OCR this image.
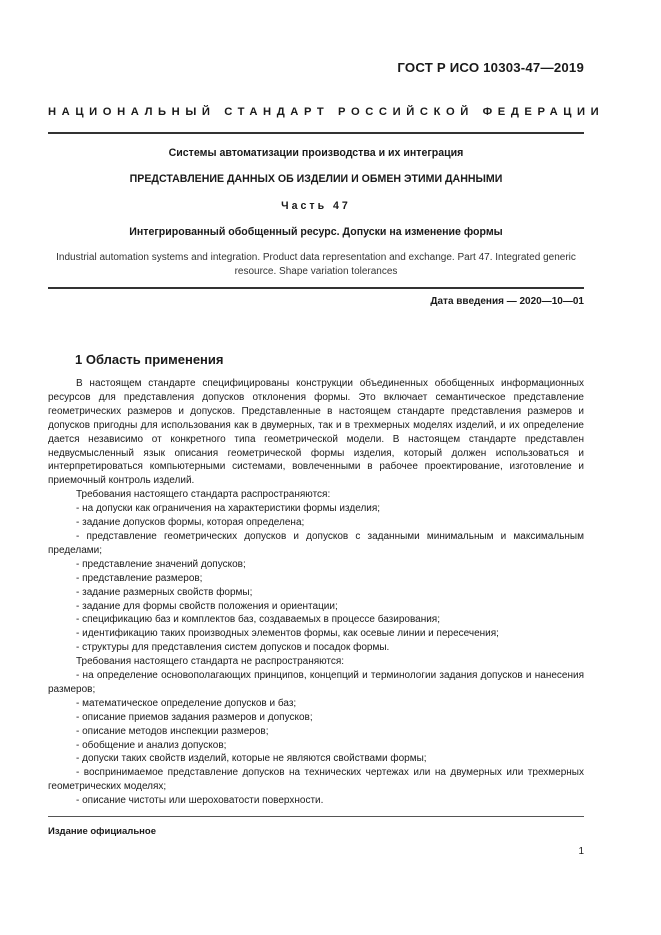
ГОСТ Р ИСО 10303-47—2019
НАЦИОНАЛЬНЫЙ СТАНДАРТ РОССИЙСКОЙ ФЕДЕРАЦИИ
Системы автоматизации производства и их интеграция
ПРЕДСТАВЛЕНИЕ ДАННЫХ ОБ ИЗДЕЛИИ И ОБМЕН ЭТИМИ ДАННЫМИ
Часть 47
Интегрированный обобщенный ресурс. Допуски на изменение формы
Industrial automation systems and integration. Product data representation and exchange. Part 47. Integrated generic
resource. Shape variation tolerances
Дата введения — 2020—10—01
1 Область применения
В настоящем стандарте специфицированы конструкции объединенных обобщенных информационных ресурсов для представления допусков отклонения формы. Это включает семантическое представление геометрических размеров и допусков. Представленные в настоящем стандарте представления размеров и допусков пригодны для использования как в двумерных, так и в трехмерных моделях изделий, и их определение дается независимо от конкретного типа геометрической модели. В настоящем стандарте представлен недвусмысленный язык описания геометрической формы изделия, который должен использоваться и интерпретироваться компьютерными системами, вовлеченными в рабочее проектирование, изготовление и приемочный контроль изделий.
Требования настоящего стандарта распространяются:
- на допуски как ограничения на характеристики формы изделия;
- задание допусков формы, которая определена;
- представление геометрических допусков и допусков с заданными минимальным и максимальным пределами;
- представление значений допусков;
- представление размеров;
- задание размерных свойств формы;
- задание для формы свойств положения и ориентации;
- спецификацию баз и комплектов баз, создаваемых в процессе базирования;
- идентификацию таких производных элементов формы, как осевые линии и пересечения;
- структуры для представления систем допусков и посадок формы.
Требования настоящего стандарта не распространяются:
- на определение основополагающих принципов, концепций и терминологии задания допусков и нанесения размеров;
- математическое определение допусков и баз;
- описание приемов задания размеров и допусков;
- описание методов инспекции размеров;
- обобщение и анализ допусков;
- допуски таких свойств изделий, которые не являются свойствами формы;
- воспринимаемое представление допусков на технических чертежах или на двумерных или трехмерных геометрических моделях;
- описание чистоты или шероховатости поверхности.
Издание официальное
1
